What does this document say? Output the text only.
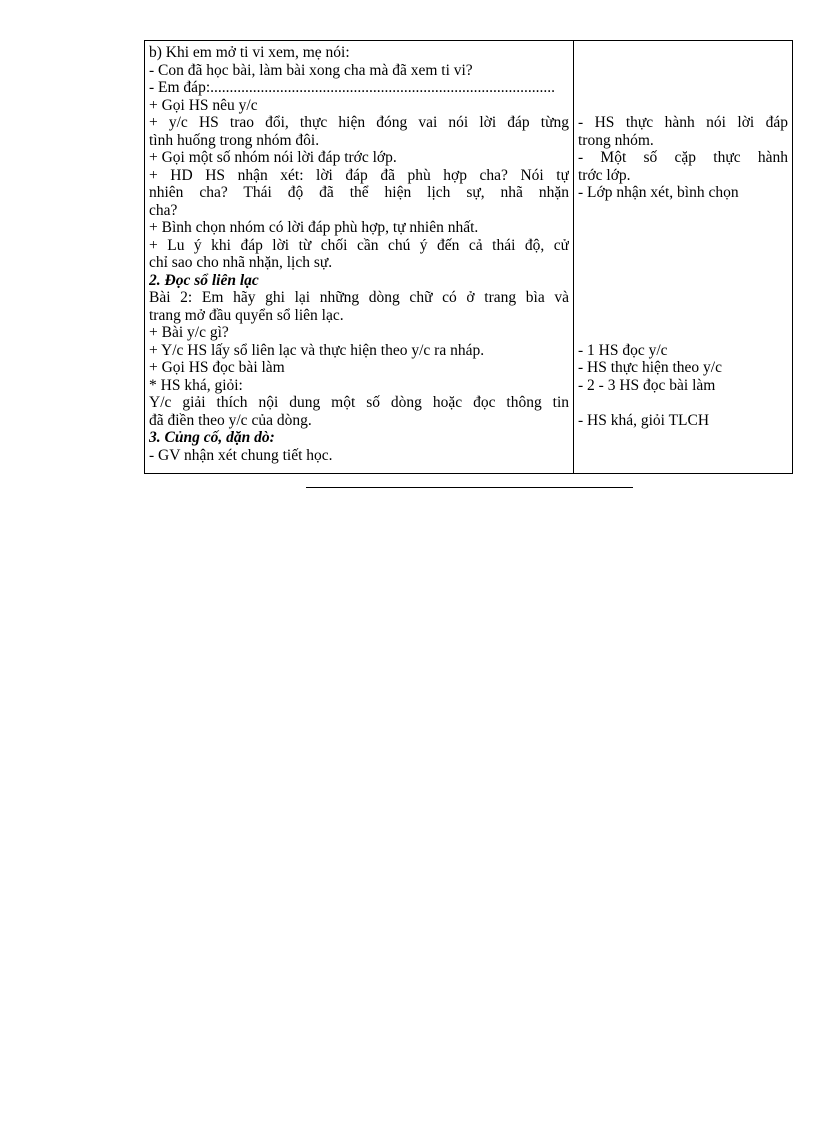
b) Khi em mở ti vi xem, mẹ nói:
- Con đã học bài, làm bài xong cha mà đã xem ti vi?
- Em đáp:.........................................................................................
+ Gọi HS nêu y/c
+ y/c HS trao đổi, thực hiện đóng vai nói lời đáp từng
tình huống trong nhóm đôi.
+ Gọi một số nhóm nói lời đáp trớc lớp.
+ HD HS nhận xét: lời đáp đã phù hợp cha? Nói tự
nhiên cha? Thái độ đã thể hiện lịch sự, nhã nhặn
cha?
+ Bình chọn nhóm có lời đáp phù hợp, tự nhiên nhất.
+ Lu ý khi đáp lời từ chối cần chú ý đến cả thái độ, cử
chỉ sao cho nhã nhặn, lịch sự.
2. Đọc sổ liên lạc
Bài 2: Em hãy ghi lại những dòng chữ có ở trang bìa và
trang mở đầu quyển sổ liên lạc.
+ Bài y/c gì?
+ Y/c HS lấy sổ liên lạc và thực hiện theo y/c ra nháp.
+ Gọi HS đọc bài làm
* HS khá, giỏi:
Y/c giải thích nội dung một số dòng hoặc đọc thông tin
đã điền theo y/c của dòng.
3. Củng cố, dặn dò:
- GV nhận xét chung tiết học.

- HS thực hành nói lời đáp
trong nhóm.
- Một số cặp thực hành
trớc lớp.
- Lớp nhận xét, bình chọn

- 1 HS đọc y/c
- HS thực hiện theo y/c
- 2 - 3 HS đọc bài làm

- HS khá, giỏi TLCH
